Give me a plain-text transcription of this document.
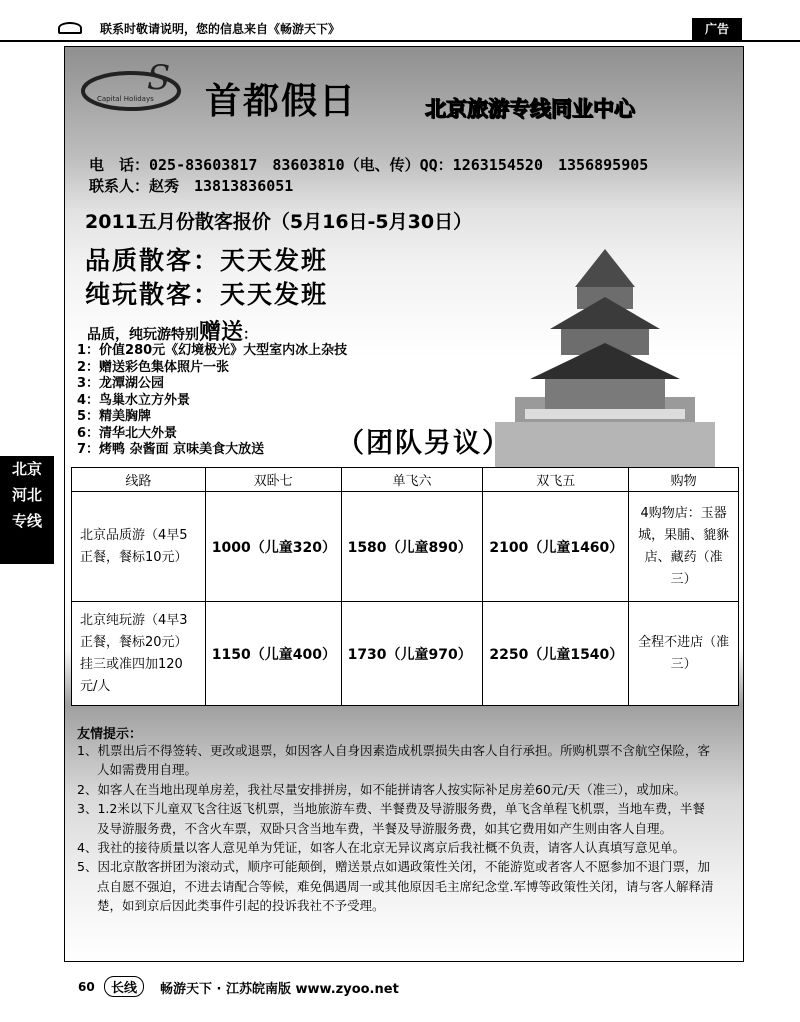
联系时敬请说明，您的信息来自《畅游天下》	广告
北京
河北
专线
S
Capital Holidays 首都假日	北京旅游专线同业中心
电　话：025-83603817　83603810（电、传）QQ：1263154520　1356895905
联系人：赵秀　13813836051
2011五月份散客报价（5月16日-5月30日）
品质散客：天天发班
纯玩散客：天天发班
品质，纯玩游特别赠送：
1：价值280元《幻境极光》大型室内冰上杂技
2：赠送彩色集体照片一张
3：龙潭湖公园
4：鸟巢水立方外景
5：精美胸牌
6：清华北大外景
7：烤鸭 杂酱面 京味美食大放送	（团队另议）
线路	双卧七	单飞六	双飞五	购物
北京品质游（4早5正餐，餐标10元）	1000（儿童320）	1580（儿童890）	2100（儿童1460）	4购物店：玉器城，果脯、貔貅店、藏药（准三）
北京纯玩游（4早3正餐，餐标20元）挂三或准四加120元/人	1150（儿童400）	1730（儿童970）	2250（儿童1540）	全程不进店（准三）
友情提示：
1、机票出后不得签转、更改或退票，如因客人自身因素造成机票损失由客人自行承担。所购机票不含航空保险，客人如需费用自理。
2、如客人在当地出现单房差，我社尽量安排拼房，如不能拼请客人按实际补足房差60元/天（准三），或加床。
3、1.2米以下儿童双飞含往返飞机票，当地旅游车费、半餐费及导游服务费，单飞含单程飞机票，当地车费，半餐及导游服务费，不含火车票，双卧只含当地车费，半餐及导游服务费，如其它费用如产生则由客人自理。
4、我社的接待质量以客人意见单为凭证，如客人在北京无异议离京后我社概不负责，请客人认真填写意见单。
5、因北京散客拼团为滚动式，顺序可能颠倒，赠送景点如遇政策性关闭，不能游览或者客人不愿参加不退门票，加点自愿不强迫，不进去请配合等候，难免偶遇周一或其他原因毛主席纪念堂.军博等政策性关闭，请与客人解释清楚，如到京后因此类事件引起的投诉我社不予受理。
60	长线	畅游天下 · 江苏皖南版 www.zyoo.net
